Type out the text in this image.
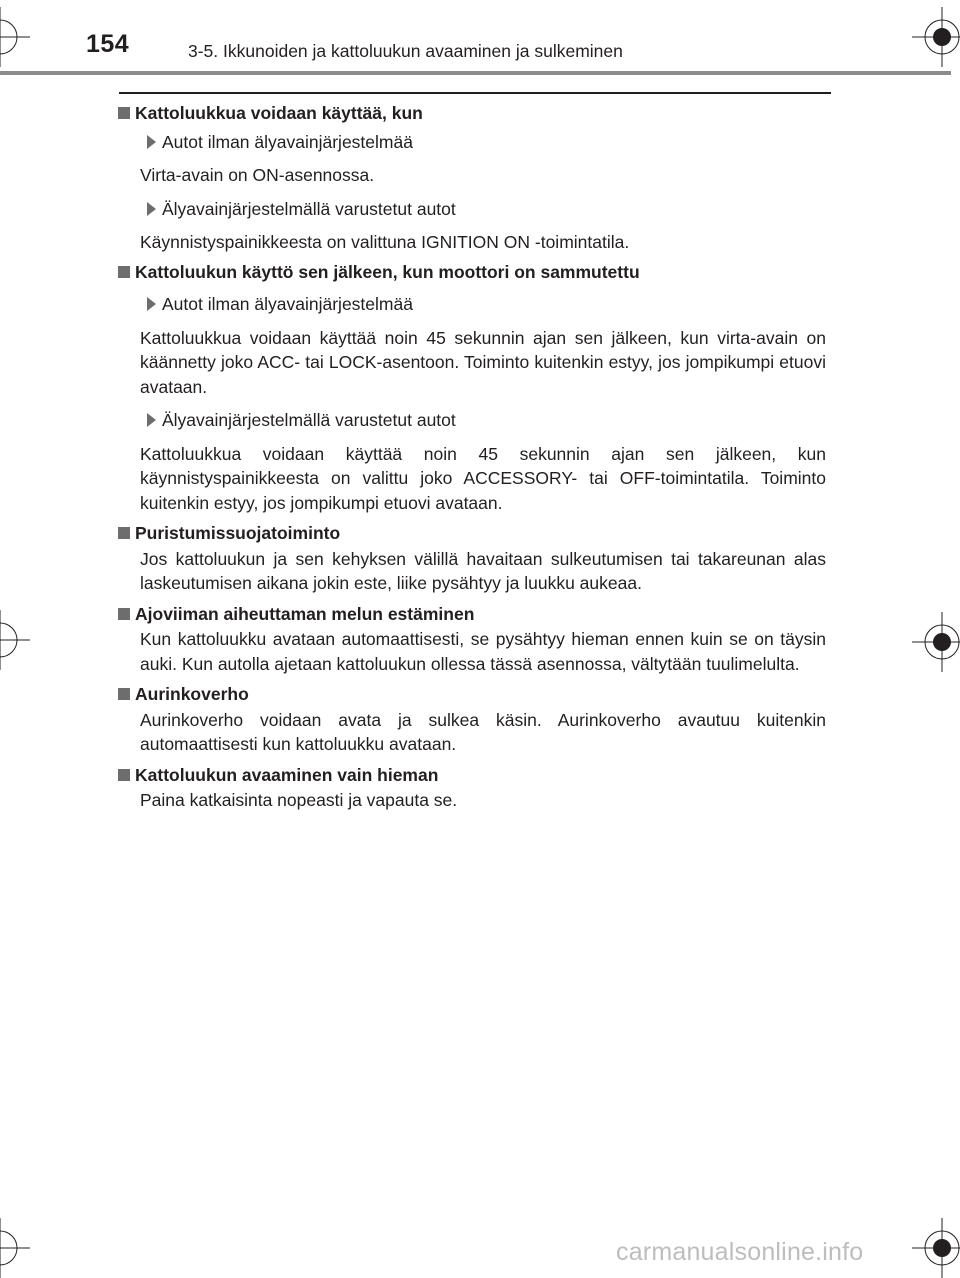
154	3-5. Ikkunoiden ja kattoluukun avaaminen ja sulkeminen
Kattoluukkua voidaan käyttää, kun
Autot ilman älyavainjärjestelmää
Virta-avain on ON-asennossa.
Älyavainjärjestelmällä varustetut autot
Käynnistyspainikkeesta on valittuna IGNITION ON -toimintatila.
Kattoluukun käyttö sen jälkeen, kun moottori on sammutettu
Autot ilman älyavainjärjestelmää
Kattoluukkua voidaan käyttää noin 45 sekunnin ajan sen jälkeen, kun virta-avain on käännetty joko ACC- tai LOCK-asentoon. Toiminto kuitenkin estyy, jos jompikumpi etuovi avataan.
Älyavainjärjestelmällä varustetut autot
Kattoluukkua voidaan käyttää noin 45 sekunnin ajan sen jälkeen, kun käynnistyspainikkeesta on valittu joko ACCESSORY- tai OFF-toimintatila. Toiminto kuitenkin estyy, jos jompikumpi etuovi avataan.
Puristumissuojatoiminto
Jos kattoluukun ja sen kehyksen välillä havaitaan sulkeutumisen tai takareunan alas laskeutumisen aikana jokin este, liike pysähtyy ja luukku aukeaa.
Ajoviiman aiheuttaman melun estäminen
Kun kattoluukku avataan automaattisesti, se pysähtyy hieman ennen kuin se on täysin auki. Kun autolla ajetaan kattoluukun ollessa tässä asennossa, vältytään tuulimelulta.
Aurinkoverho
Aurinkoverho voidaan avata ja sulkea käsin. Aurinkoverho avautuu kuitenkin automaattisesti kun kattoluukku avataan.
Kattoluukun avaaminen vain hieman
Paina katkaisinta nopeasti ja vapauta se.
carmanualsonline.info
